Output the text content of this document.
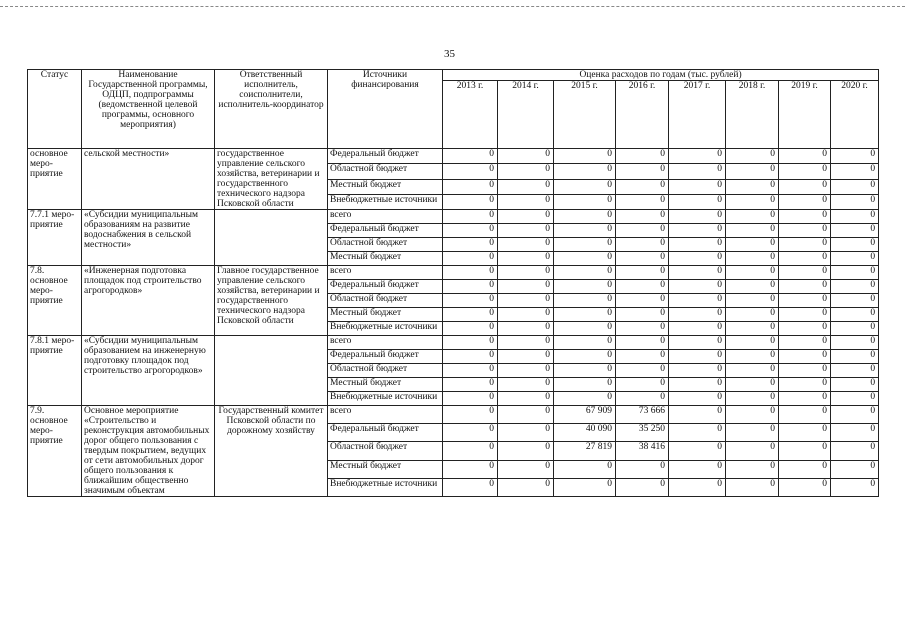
35
Статус	Наименование Государственной программы, ОДЦП, подпрограммы (ведомственной целевой программы, основного мероприятия)	Ответственный исполнитель, соисполнители, исполнитель-координатор	Источники финансирования	Оценка расходов по годам (тыс. рублей)							
				2013 г.	2014 г.	2015 г.	2016 г.	2017 г.	2018 г.	2019 г.	2020 г.
основное меро-приятие	сельской местности»	государственное управление сельского хозяйства, ветеринарии и государственного технического надзора Псковской области	Федеральный бюджет	0	0	0	0	0	0	0	0
			Областной бюджет	0	0	0	0	0	0	0	0
			Местный бюджет	0	0	0	0	0	0	0	0
			Внебюджетные источники	0	0	0	0	0	0	0	0
7.7.1 меро-приятие	«Субсидии муниципальным образованиям на развитие водоснабжения в сельской местности»		всего	0	0	0	0	0	0	0	0
			Федеральный бюджет	0	0	0	0	0	0	0	0
			Областной бюджет	0	0	0	0	0	0	0	0
			Местный бюджет	0	0	0	0	0	0	0	0
7.8. основное меро-приятие	«Инженерная подготовка площадок под строительство агрогородков»	Главное государственное управление сельского хозяйства, ветеринарии и государственного технического надзора Псковской области	всего	0	0	0	0	0	0	0	0
			Федеральный бюджет	0	0	0	0	0	0	0	0
			Областной бюджет	0	0	0	0	0	0	0	0
			Местный бюджет	0	0	0	0	0	0	0	0
			Внебюджетные источники	0	0	0	0	0	0	0	0
7.8.1 меро-приятие	«Субсидии муниципальным образованием на инженерную подготовку площадок под строительство агрогородков»		всего	0	0	0	0	0	0	0	0
			Федеральный бюджет	0	0	0	0	0	0	0	0
			Областной бюджет	0	0	0	0	0	0	0	0
			Местный бюджет	0	0	0	0	0	0	0	0
			Внебюджетные источники	0	0	0	0	0	0	0	0
7.9. основное меро-приятие	Основное мероприятие «Строительство и реконструкция автомобильных дорог общего пользования с твердым покрытием, ведущих от сети автомобильных дорог общего пользования к ближайшим общественно значимым объектам	Государственный комитет Псковской области по дорожному хозяйству	всего	0	0	67 909	73 666	0	0	0	0
			Федеральный бюджет	0	0	40 090	35 250	0	0	0	0
			Областной бюджет	0	0	27 819	38 416	0	0	0	0
			Местный бюджет	0	0	0	0	0	0	0	0
			Внебюджетные источники	0	0	0	0	0	0	0	0
